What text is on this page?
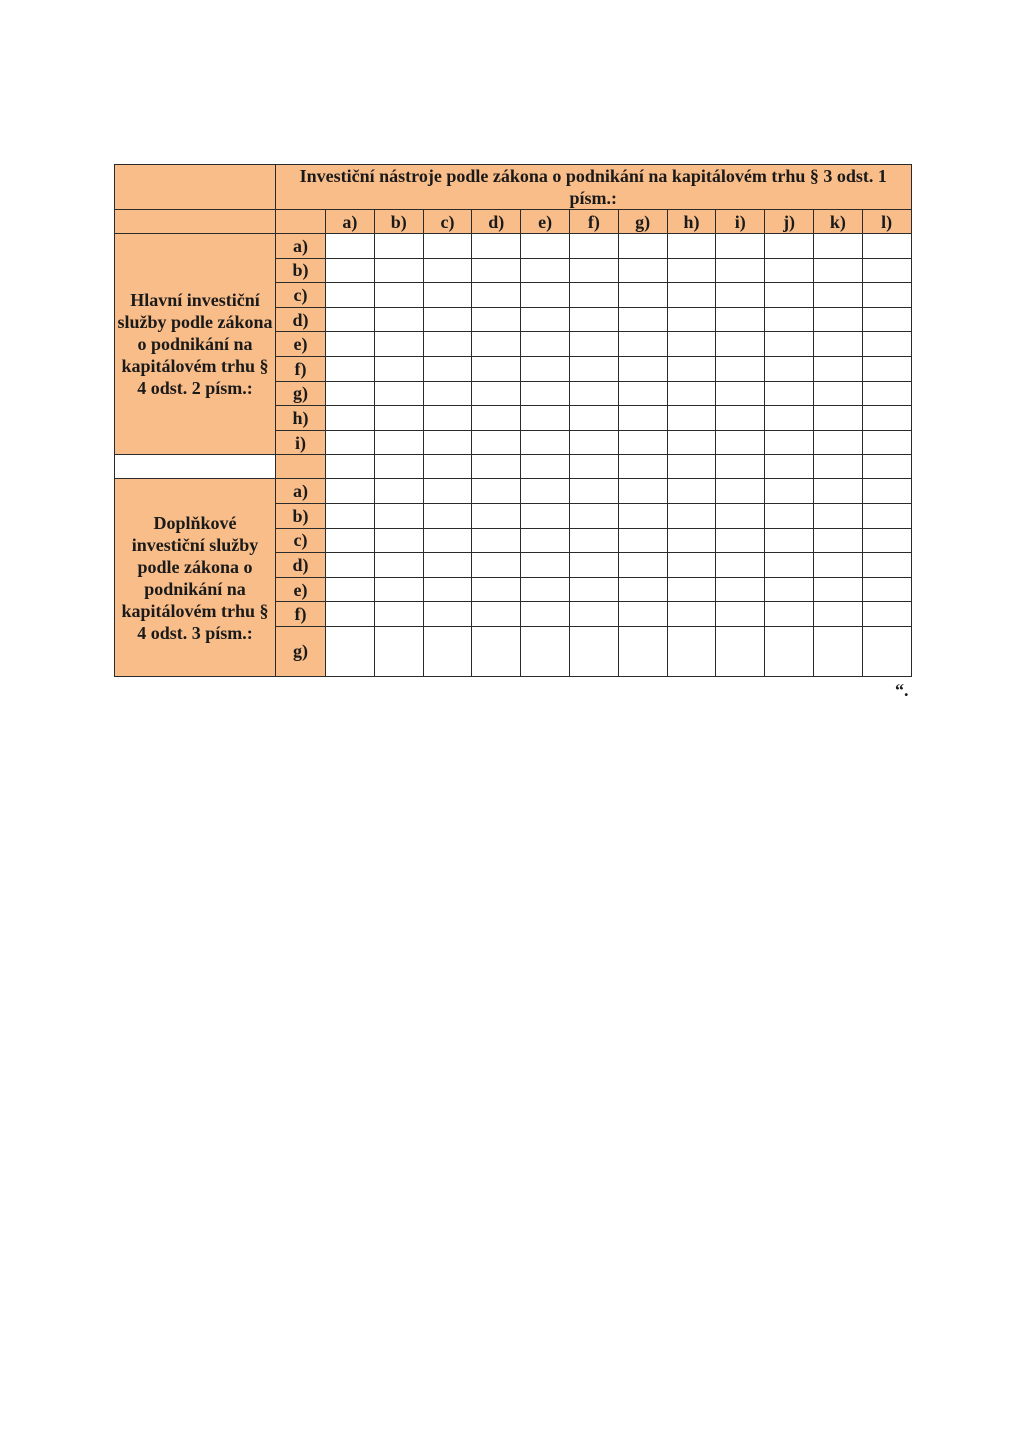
	Investiční nástroje podle zákona o podnikání na kapitálovém trhu § 3 odst. 1 písm.:												
		a)	b)	c)	d)	e)	f)	g)	h)	i)	j)	k)	l)
Hlavní investiční služby podle zákona o podnikání na kapitálovém trhu § 4 odst. 2 písm.:	a)												
	b)												
	c)												
	d)												
	e)												
	f)												
	g)												
	h)												
	i)												

Doplňkové investiční služby podle zákona o podnikání na kapitálovém trhu § 4 odst. 3 písm.:	a)												
	b)												
	c)												
	d)												
	e)												
	f)												
	g)												
“.
